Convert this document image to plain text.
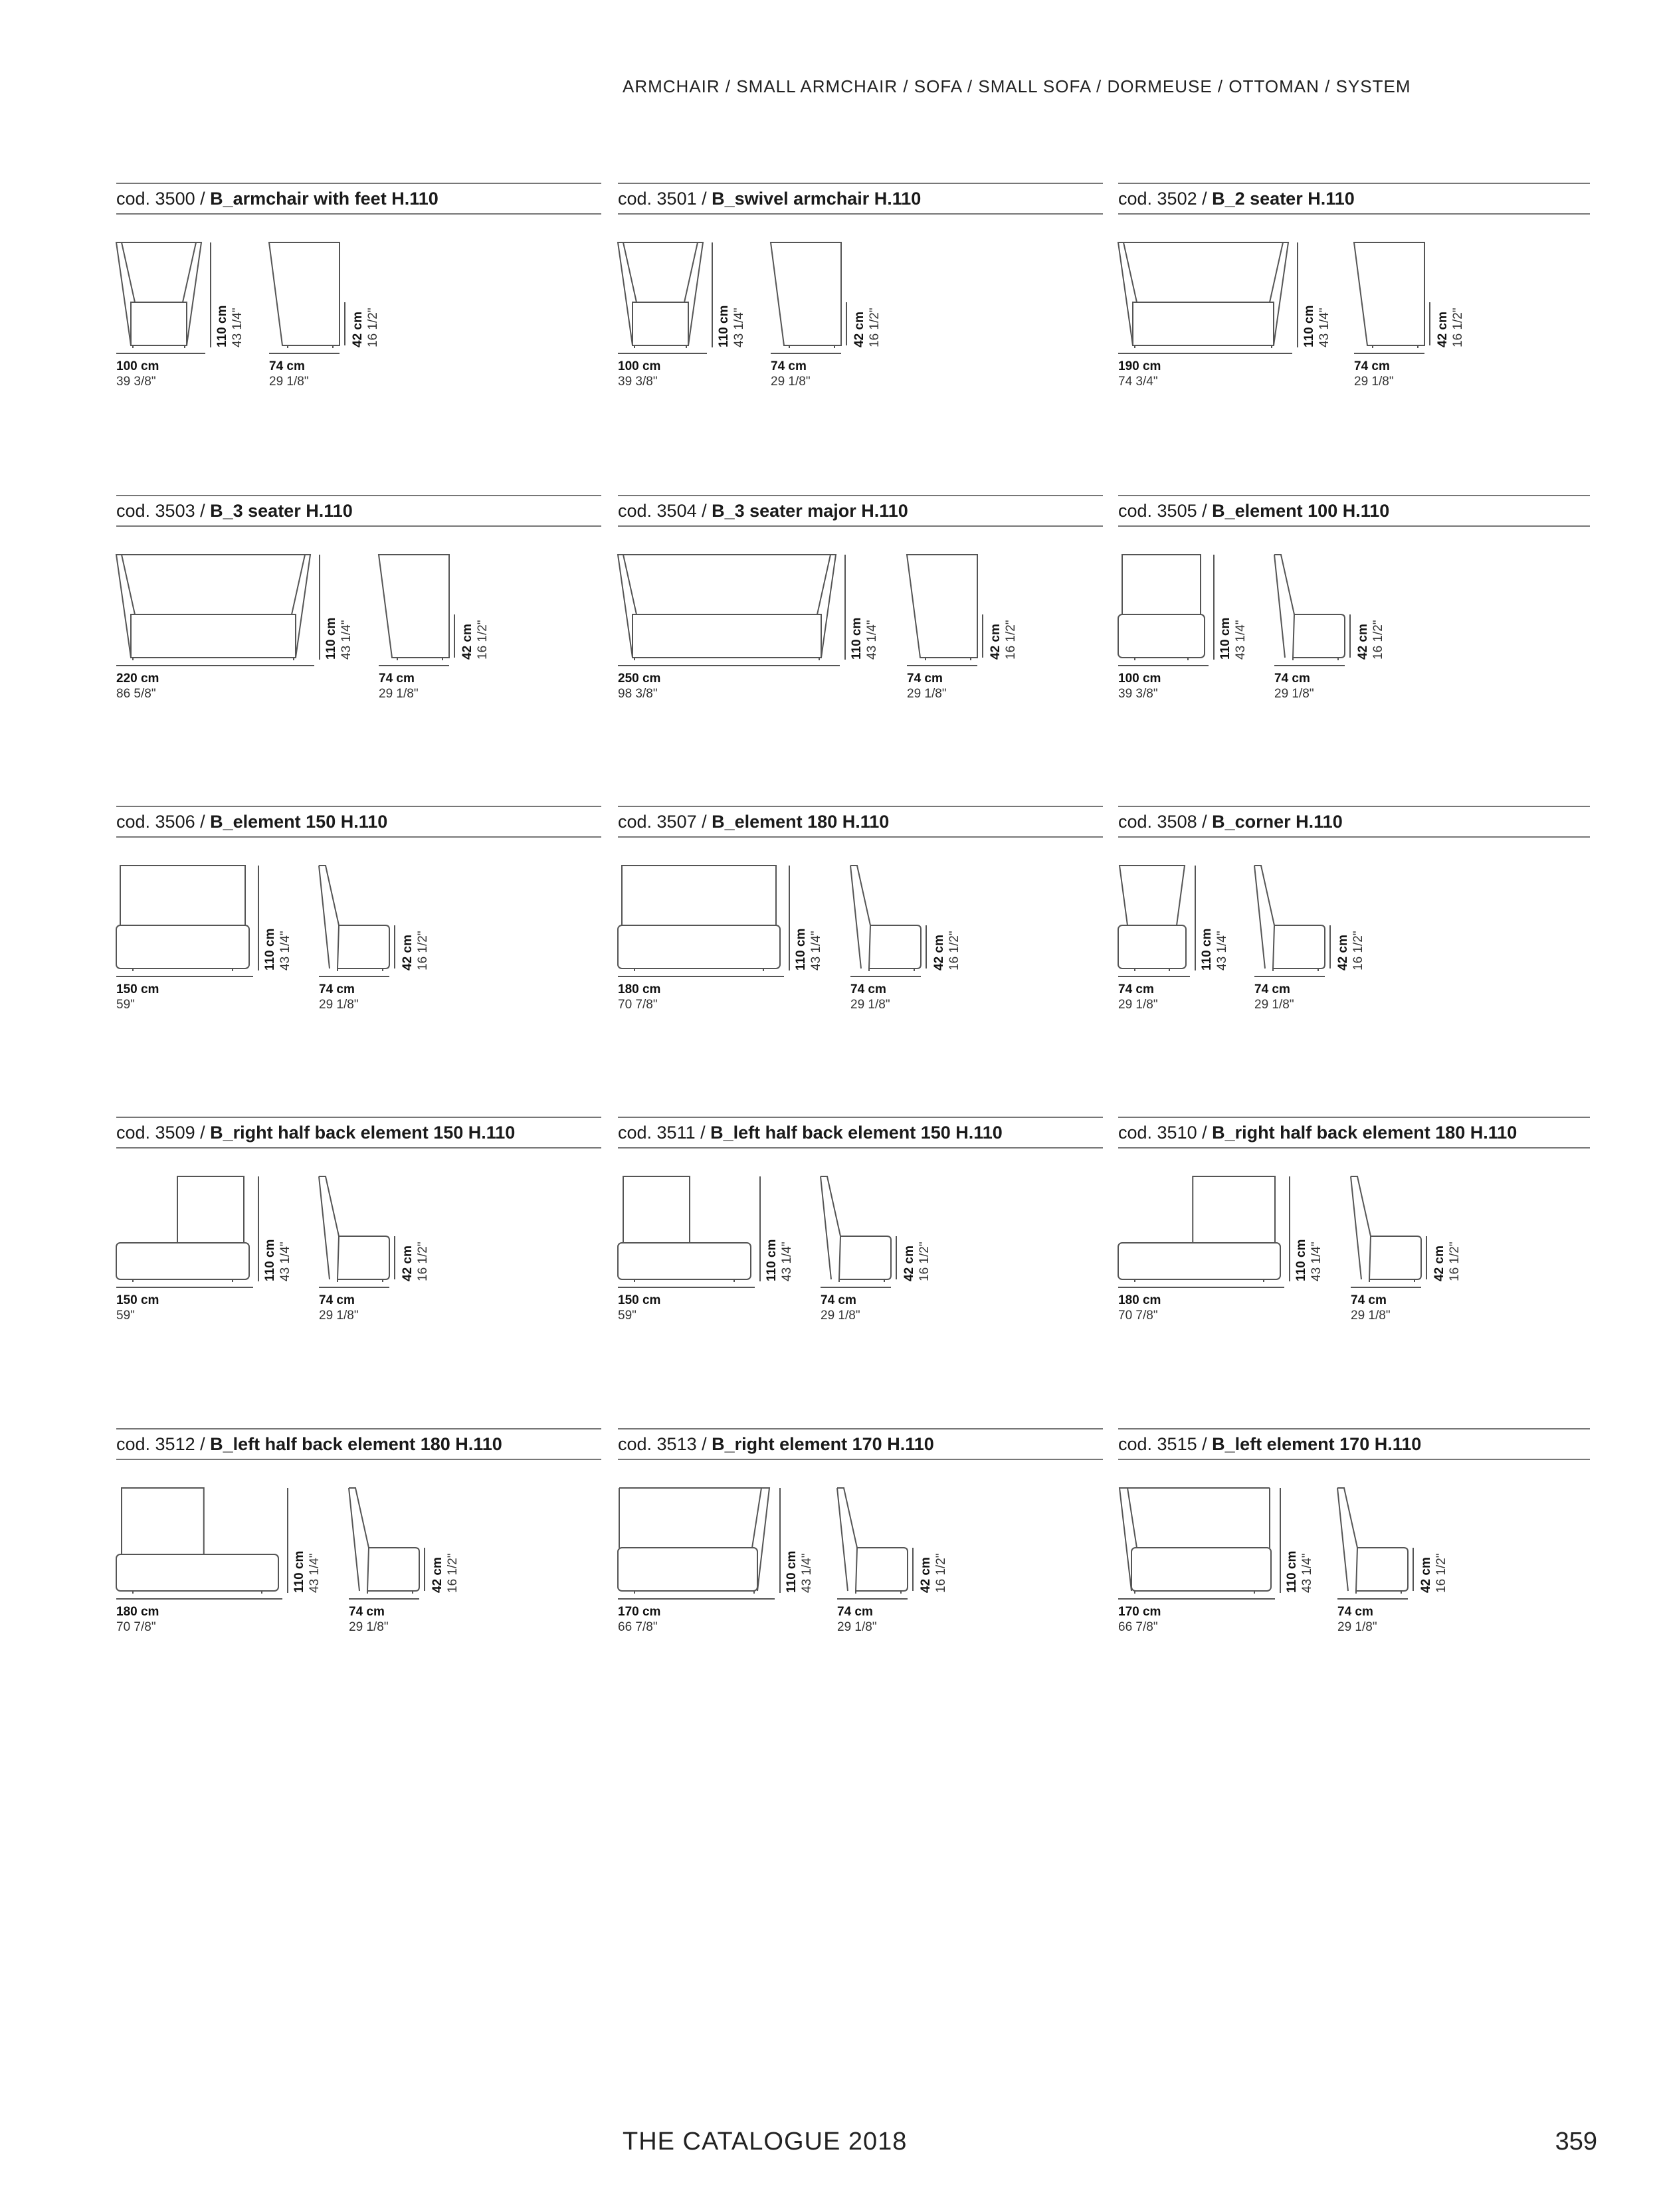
ARMCHAIR / SMALL ARMCHAIR / SOFA / SMALL SOFA / DORMEUSE / OTTOMAN / SYSTEM
cod. 3500 / B_armchair with feet H.110
100 cm
39 3/8"
110 cm 43 1/4"
74 cm
29 1/8"
42 cm 16 1/2"
cod. 3501 / B_swivel armchair H.110
100 cm
39 3/8"
110 cm 43 1/4"
74 cm
29 1/8"
42 cm 16 1/2"
cod. 3502 / B_2 seater H.110
190 cm
74 3/4"
110 cm 43 1/4"
74 cm
29 1/8"
42 cm 16 1/2"
cod. 3503 / B_3 seater H.110
220 cm
86 5/8"
110 cm 43 1/4"
74 cm
29 1/8"
42 cm 16 1/2"
cod. 3504 / B_3 seater major H.110
250 cm
98 3/8"
110 cm 43 1/4"
74 cm
29 1/8"
42 cm 16 1/2"
cod. 3505 / B_element 100 H.110
100 cm
39 3/8"
110 cm 43 1/4"
74 cm
29 1/8"
42 cm 16 1/2"
cod. 3506 / B_element 150 H.110
150 cm
59"
110 cm 43 1/4"
74 cm
29 1/8"
42 cm 16 1/2"
cod. 3507 / B_element 180 H.110
180 cm
70 7/8"
110 cm 43 1/4"
74 cm
29 1/8"
42 cm 16 1/2"
cod. 3508 / B_corner H.110
74 cm
29 1/8"
110 cm 43 1/4"
74 cm
29 1/8"
42 cm 16 1/2"
cod. 3509 / B_right half back element 150 H.110
150 cm
59"
110 cm 43 1/4"
74 cm
29 1/8"
42 cm 16 1/2"
cod. 3511 / B_left half back element 150 H.110
150 cm
59"
110 cm 43 1/4"
74 cm
29 1/8"
42 cm 16 1/2"
cod. 3510 / B_right half back element 180 H.110
180 cm
70 7/8"
110 cm 43 1/4"
74 cm
29 1/8"
42 cm 16 1/2"
cod. 3512 / B_left half back element 180 H.110
180 cm
70 7/8"
110 cm 43 1/4"
74 cm
29 1/8"
42 cm 16 1/2"
cod. 3513 / B_right element 170 H.110
170 cm
66 7/8"
110 cm 43 1/4"
74 cm
29 1/8"
42 cm 16 1/2"
cod. 3515 / B_left element 170 H.110
170 cm
66 7/8"
110 cm 43 1/4"
74 cm
29 1/8"
42 cm 16 1/2"
THE CATALOGUE 2018	359
